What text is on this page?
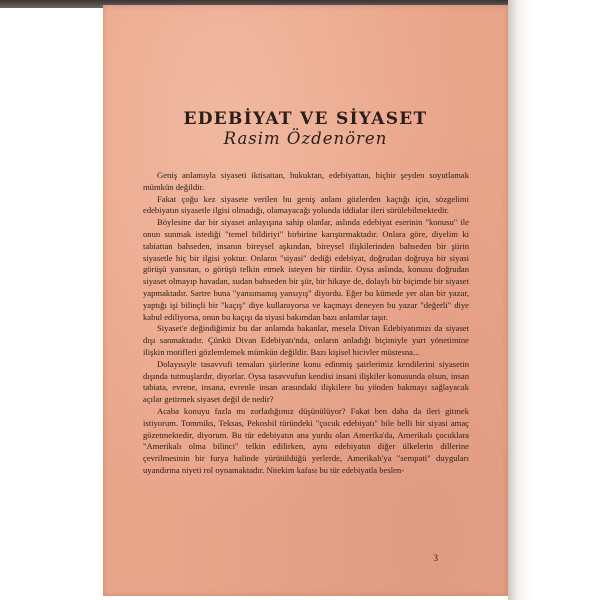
EDEBİYAT VE SİYASET
Rasim Özdenören

Geniş anlamıyla siyaseti iktisattan, hukuktan, edebiyattan, hiçbir şeyden soyutlamak mümkün değildir.

Fakat çoğu kez siyasete verilen bu geniş anlam gözlerden kaçtığı için, sözgelimi edebiyatın siyasetle ilgisi olmadığı, olamayacağı yolunda iddialar ileri sürülebilmektedir.

Böylesine dar bir siyaset anlayışına sahip olanlar, aslında edebiyat eserinin "konusu" ile onun sunmak istediği "temel bildiriyi" birbirine karıştırmaktadır. Onlara göre, diyelim ki tabiattan bahseden, insanın bireysel aşkından, bireysel ilişkilerinden bahseden bir şiirin siyasetle hiç bir ilgisi yoktur. Onların "siyasi" dediği edebiyat, doğrudan doğruya bir siyasi görüşü yansıtan, o görüşü telkin etmek isteyen bir türdür. Oysa aslında, konusu doğrudan siyaset olmayıp havadan, sudan bahseden bir şiir, bir hikaye de, dolaylı bir biçimde bir siyaset yapmaktadır. Sartre buna "yansımamış yansıyış" diyordu. Eğer bu kümede yer alan bir yazar, yaptığı işi bilinçli bir "kaçış" diye kullanıyorsa ve kaçmayı deneyen bu yazar "değerli" diye kabul ediliyorsa, onun bu kaçışı da siyasi bakımdan bazı anlamlar taşır.

Siyaset'e değindiğimiz bu dar anlamda bakanlar, mesela Divan Edebiyatımızı da siyaset dışı sanmaktadır. Çünkü Divan Edebiyatı'nda, onların anladığı biçimiyle yurt yönetimine ilişkin motifleri gözlemlemek mümkün değildir. Bazı kişisel hicivler müstesna...

Dolayısıyle tasavvufi temaları şiirlerine konu edinmiş şairlerimiz kendilerini siyasetin dışında tutmuşlardır, diyorlar. Oysa tasavvufun kendisi insani ilişkiler konusunda olsun, insan tabiata, evrene, insana, evrenle insan arasındaki ilişkilere bu yönden bakmayı sağlayacak açılar getirmek siyaset değil de nedir?

Acaba konuyu fazla mı zorladığımız düşünülüyor? Fakat ben daha da ileri gitmek istiyorum. Tommiks, Teksas, Pekosbil türündeki "çocuk edebiyatı" bile belli bir siyasi amaç gözetmektedir, diyorum. Bu tür edebiyatın ana yurdu olan Amerika'da, Amerikalı çocuklara "Amerikalı olma bilinci" telkin edilirken, aynı edebiyatın diğer ülkelerin dillerine çevrilmesinin bir furya halinde yürütüldüğü yerlerde, Amerikalı'ya "sempati" duyguları uyandırma niyeti rol oynamaktadır. Nitekim kafası bu tür edebiyatla beslen-

3
